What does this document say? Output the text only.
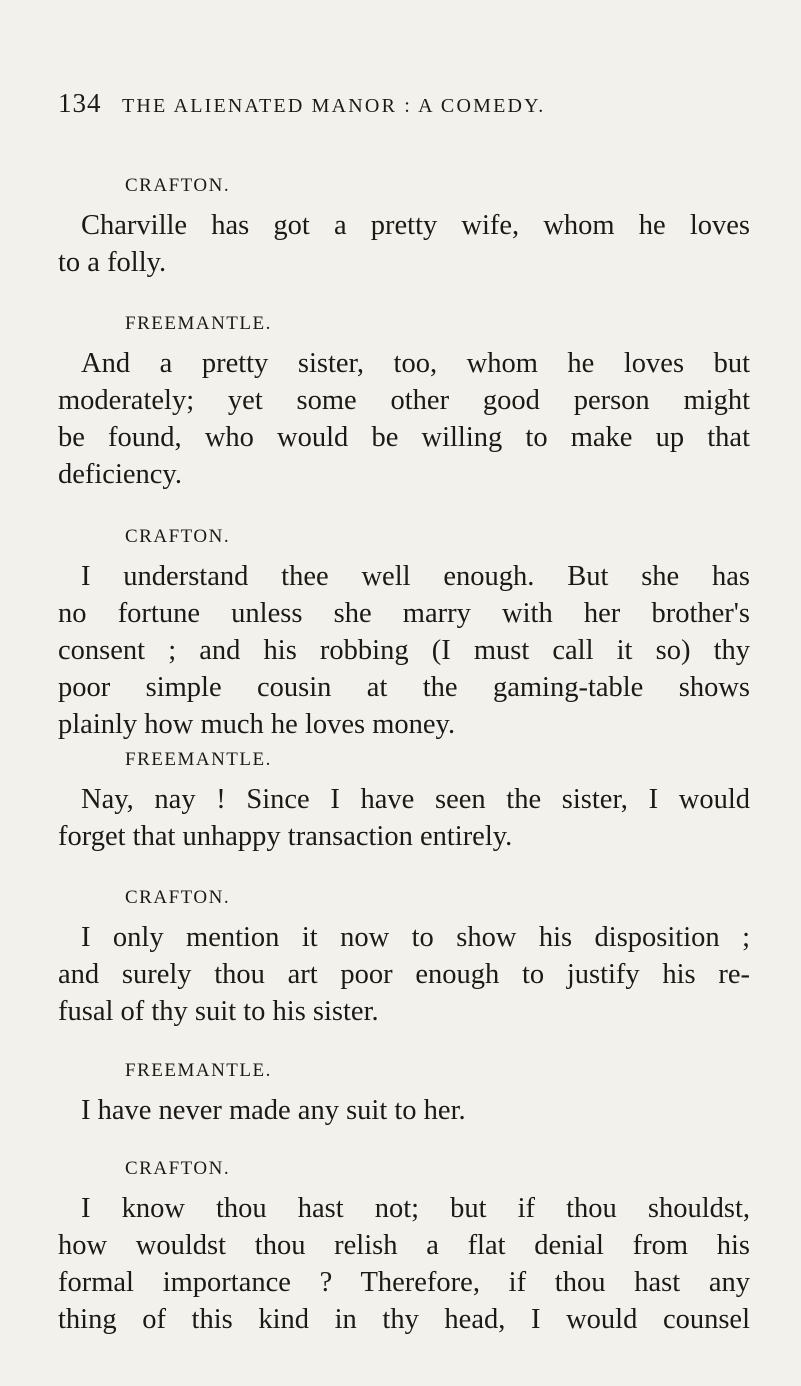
134	THE ALIENATED MANOR : A COMEDY.
CRAFTON.
Charville has got a pretty wife, whom he loves
to a folly.
FREEMANTLE.
And a pretty sister, too, whom he loves but
moderately; yet some other good person might
be found, who would be willing to make up that
deficiency.
CRAFTON.
I understand thee well enough. But she has
no fortune unless she marry with her brother's
consent ; and his robbing (I must call it so) thy
poor simple cousin at the gaming-table shows
plainly how much he loves money.
FREEMANTLE.
Nay, nay ! Since I have seen the sister, I would
forget that unhappy transaction entirely.
CRAFTON.
I only mention it now to show his disposition ;
and surely thou art poor enough to justify his re-
fusal of thy suit to his sister.
FREEMANTLE.
I have never made any suit to her.
CRAFTON.
I know thou hast not; but if thou shouldst,
how wouldst thou relish a flat denial from his
formal importance ? Therefore, if thou hast any
thing of this kind in thy head, I would counsel
